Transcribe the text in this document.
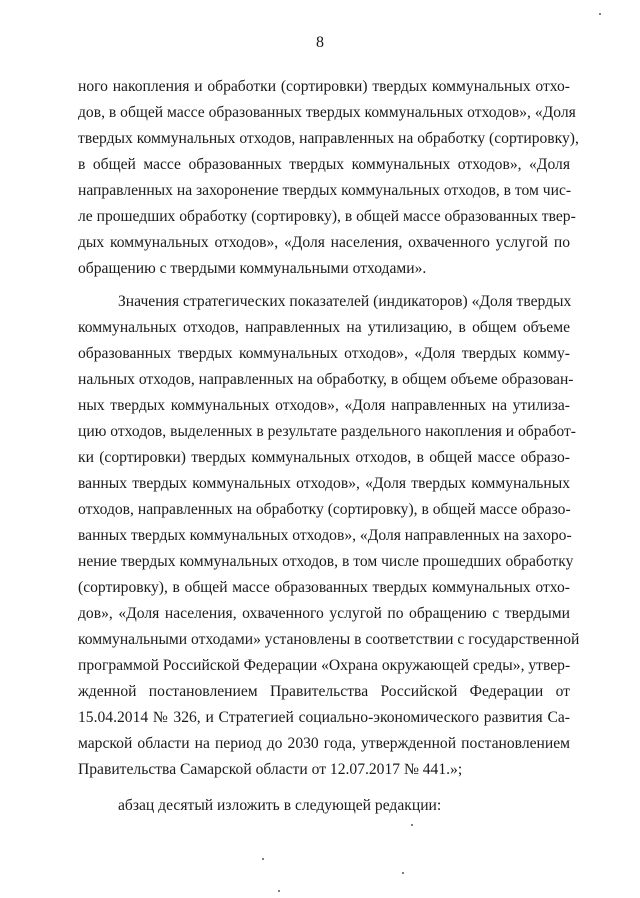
8
ного накопления и обработки (сортировки) твердых коммунальных отхо-
дов, в общей массе образованных твердых коммунальных отходов», «Доля
твердых коммунальных отходов, направленных на обработку (сортировку),
в общей массе образованных твердых коммунальных отходов», «Доля
направленных на захоронение твердых коммунальных отходов, в том чис-
ле прошедших обработку (сортировку), в общей массе образованных твер-
дых коммунальных отходов», «Доля населения, охваченного услугой по
обращению с твердыми коммунальными отходами».
Значения стратегических показателей (индикаторов) «Доля твердых
коммунальных отходов, направленных на утилизацию, в общем объеме
образованных твердых коммунальных отходов», «Доля твердых комму-
нальных отходов, направленных на обработку, в общем объеме образован-
ных твердых коммунальных отходов», «Доля направленных на утилиза-
цию отходов, выделенных в результате раздельного накопления и обработ-
ки (сортировки) твердых коммунальных отходов, в общей массе образо-
ванных твердых коммунальных отходов», «Доля твердых коммунальных
отходов, направленных на обработку (сортировку), в общей массе образо-
ванных твердых коммунальных отходов», «Доля направленных на захоро-
нение твердых коммунальных отходов, в том числе прошедших обработку
(сортировку), в общей массе образованных твердых коммунальных отхо-
дов», «Доля населения, охваченного услугой по обращению с твердыми
коммунальными отходами» установлены в соответствии с государственной
программой Российской Федерации «Охрана окружающей среды», утвер-
жденной постановлением Правительства Российской Федерации от
15.04.2014 № 326, и Стратегией социально-экономического развития Са-
марской области на период до 2030 года, утвержденной постановлением
Правительства Самарской области от 12.07.2017 № 441.»;
абзац десятый изложить в следующей редакции:
